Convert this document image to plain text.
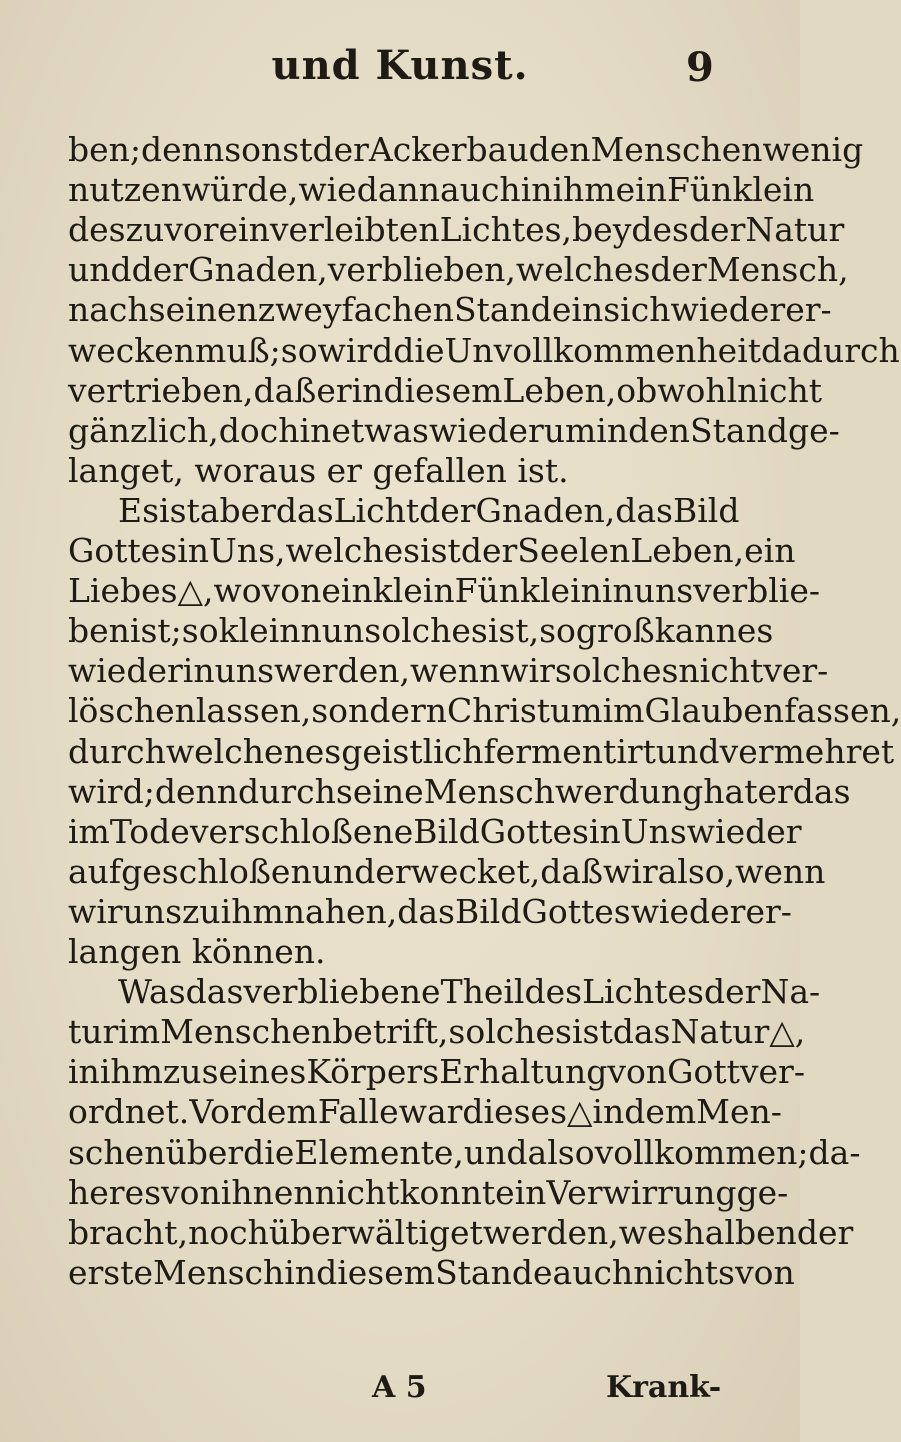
und Kunst.	9
ben; denn sonst der Ackerbau den Menschen wenig
nutzen würde, wie dann auch in ihm ein Fünklein
des zuvor einverleibten Lichtes, beydes der Natur
und der Gnaden, verblieben, welches der Mensch,
nach seinen zweyfachen Stande in sich wieder er-
wecken muß; so wird die Unvollkommenheit dadurch
vertrieben, daß er in diesem Leben, obwohl nicht
gänzlich, doch in etwas wiederum in den Stand ge-
langet, woraus er gefallen ist.
Es ist aber das Licht der Gnaden, das Bild
Gottes in Uns, welches ist der Seelen Leben, ein
Liebes △, wovon ein klein Fünklein in uns verblie-
ben ist; so klein nun solches ist, so groß kann es
wieder in uns werden, wenn wir solches nicht ver-
löschen lassen, sondern Christum im Glauben fassen,
durch welchen es geistlich fermentirt und vermehret
wird; denn durch seine Menschwerdung hat er das
im Tode verschloßene Bild Gottes in Uns wieder
aufgeschloßen und erwecket, daß wir also, wenn
wir uns zu ihm nahen, das Bild Gottes wieder er-
langen können.
Was das verbliebene Theil des Lichtes der Na-
tur im Menschen betrift, solches ist das Natur △,
in ihm zu seines Körpers Erhaltung von Gott ver-
ordnet. Vor dem Falle war dieses △ in dem Men-
schen über die Elemente, und also vollkommen; da-
her es von ihnen nicht konnte in Verwirrung ge-
bracht, noch überwältiget werden, weshalben der
erste Mensch in diesem Stande auch nichts von
A 5	Krank-
